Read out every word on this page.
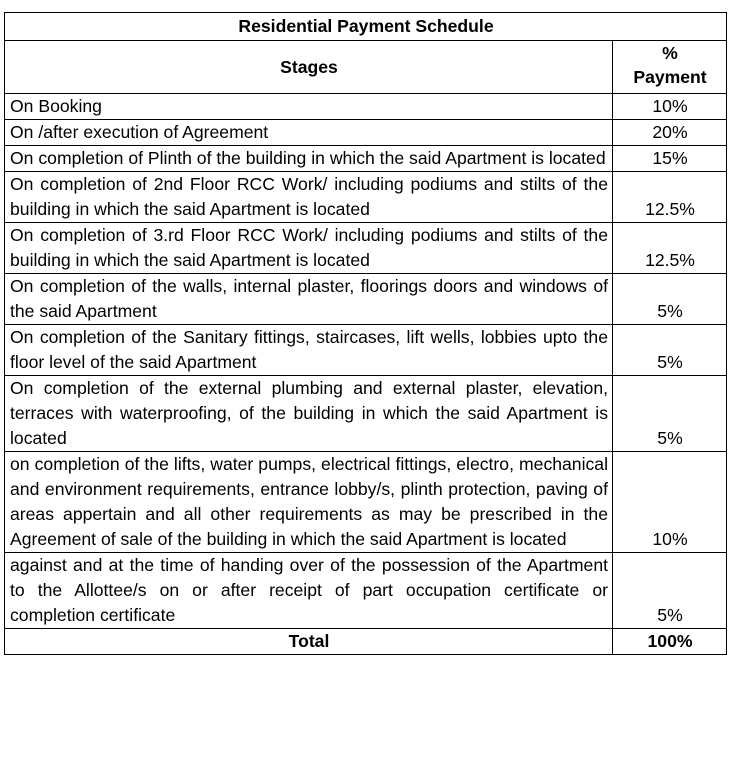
Residential Payment Schedule	
Stages	%
Payment
On Booking	10%
On /after execution of Agreement	20%
On completion of Plinth of the building in which the said Apartment is located	15%
On completion of 2nd Floor RCC Work/ including podiums and stilts of the building in which the said Apartment is located	12.5%
On completion of 3.rd Floor RCC Work/ including podiums and stilts of the building in which the said Apartment is located	12.5%
On completion of the walls, internal plaster, floorings doors and windows of the said Apartment	5%
On completion of the Sanitary fittings, staircases, lift wells, lobbies upto the floor level of the said Apartment	5%
On completion of the external plumbing and external plaster, elevation, terraces with waterproofing, of the building in which the said Apartment is located	5%
on completion of the lifts, water pumps, electrical fittings, electro, mechanical and environment requirements, entrance lobby/s, plinth protection, paving of areas appertain and all other requirements as may be prescribed in the Agreement of sale of the building in which the said Apartment is located	10%
against and at the time of handing over of the possession of the Apartment to the Allottee/s on or after receipt of part occupation certificate or completion certificate	5%
Total	100%
